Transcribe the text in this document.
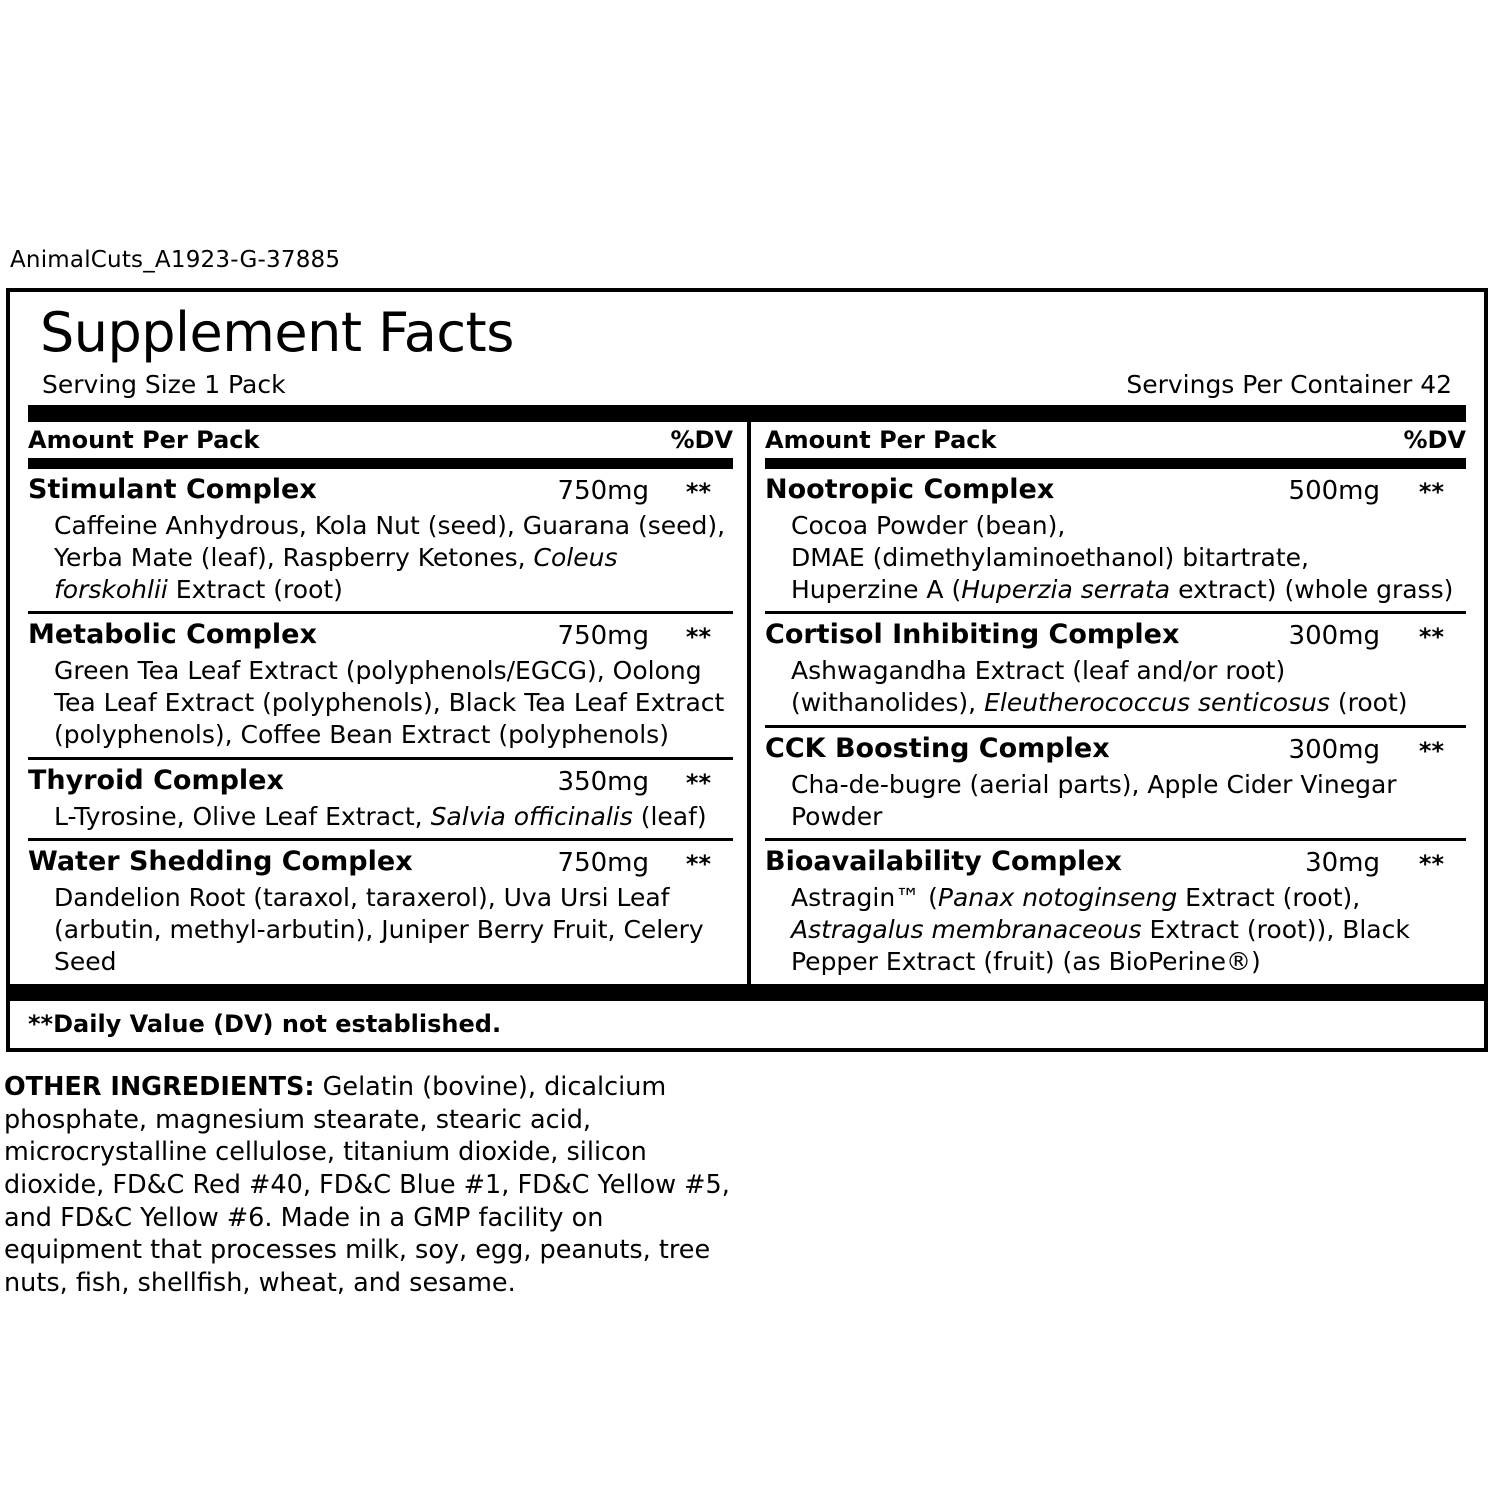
AnimalCuts_A1923-G-37885
Supplement Facts
Serving Size 1 Pack	Servings Per Container 42
Amount Per Pack	%DV
Stimulant Complex	750mg **
Caffeine Anhydrous, Kola Nut (seed), Guarana (seed), Yerba Mate (leaf), Raspberry Ketones, Coleus forskohlii Extract (root)
Metabolic Complex	750mg **
Green Tea Leaf Extract (polyphenols/EGCG), Oolong Tea Leaf Extract (polyphenols), Black Tea Leaf Extract (polyphenols), Coffee Bean Extract (polyphenols)
Thyroid Complex	350mg **
L-Tyrosine, Olive Leaf Extract, Salvia officinalis (leaf)
Water Shedding Complex	750mg **
Dandelion Root (taraxol, taraxerol), Uva Ursi Leaf (arbutin, methyl-arbutin), Juniper Berry Fruit, Celery Seed
Amount Per Pack	%DV
Nootropic Complex	500mg **
Cocoa Powder (bean),
DMAE (dimethylaminoethanol) bitartrate,
Huperzine A (Huperzia serrata extract) (whole grass)
Cortisol Inhibiting Complex	300mg **
Ashwagandha Extract (leaf and/or root) (withanolides), Eleutherococcus senticosus (root)
CCK Boosting Complex	300mg **
Cha-de-bugre (aerial parts), Apple Cider Vinegar Powder
Bioavailability Complex	30mg **
Astragin™ (Panax notoginseng Extract (root), Astragalus membranaceous Extract (root)), Black Pepper Extract (fruit) (as BioPerine®)
**Daily Value (DV) not established.
OTHER INGREDIENTS: Gelatin (bovine), dicalcium phosphate, magnesium stearate, stearic acid, microcrystalline cellulose, titanium dioxide, silicon dioxide, FD&C Red #40, FD&C Blue #1, FD&C Yellow #5, and FD&C Yellow #6. Made in a GMP facility on equipment that processes milk, soy, egg, peanuts, tree nuts, fish, shellfish, wheat, and sesame.
